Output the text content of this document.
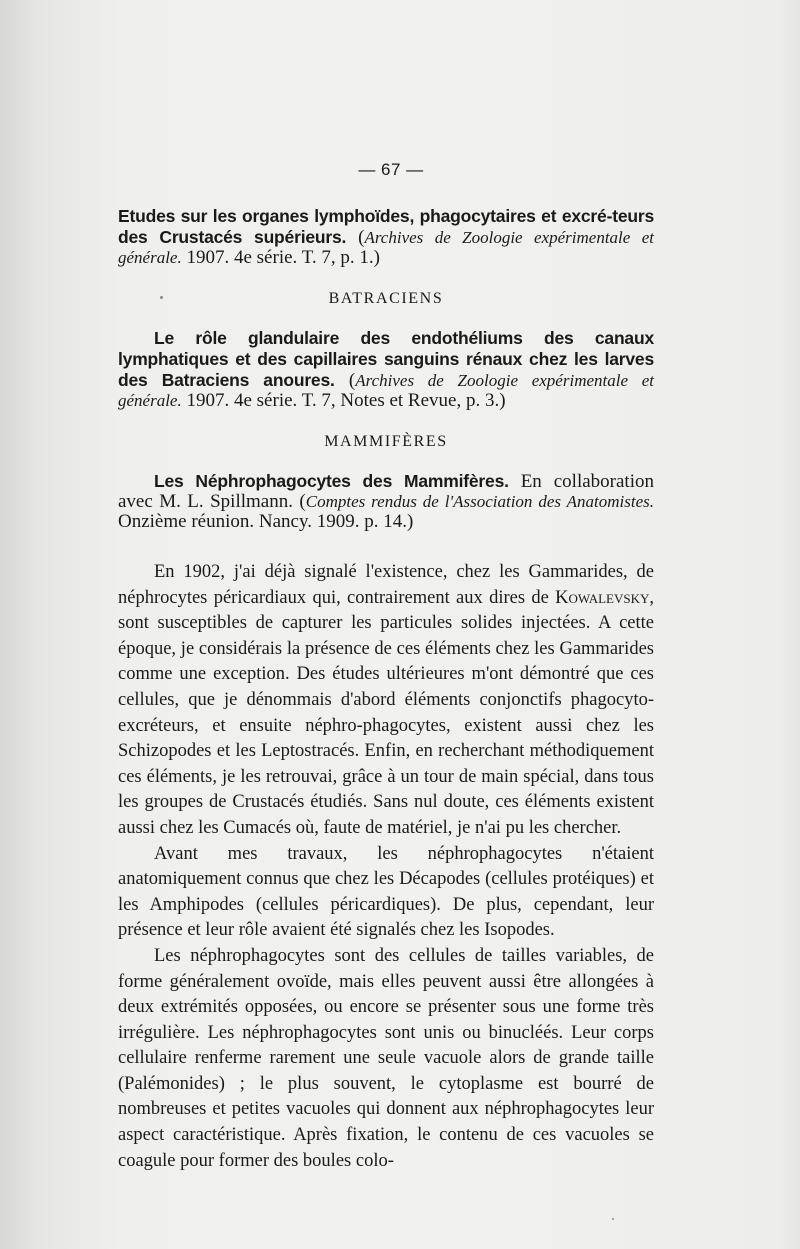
— 67 —

Etudes sur les organes lymphoïdes, phagocytaires et excré-teurs des Crustacés supérieurs. (Archives de Zoologie expérimentale et générale. 1907. 4e série. T. 7, p. 1.)

BATRACIENS

Le rôle glandulaire des endothéliums des canaux lymphatiques et des capillaires sanguins rénaux chez les larves des Batraciens anoures. (Archives de Zoologie expérimentale et générale. 1907. 4e série. T. 7, Notes et Revue, p. 3.)

MAMMIFÈRES

Les Néphrophagocytes des Mammifères. En collaboration avec M. L. Spillmann. (Comptes rendus de l'Association des Anatomistes. Onzième réunion. Nancy. 1909. p. 14.)

En 1902, j'ai déjà signalé l'existence, chez les Gammarides, de néphrocytes péricardiaux qui, contrairement aux dires de Kowalevsky, sont susceptibles de capturer les particules solides injectées. A cette époque, je considérais la présence de ces éléments chez les Gammarides comme une exception. Des études ultérieures m'ont démontré que ces cellules, que je dénommais d'abord éléments conjonctifs phagocyto-excréteurs, et ensuite néphro-phagocytes, existent aussi chez les Schizopodes et les Leptostracés. Enfin, en recherchant méthodiquement ces éléments, je les retrouvai, grâce à un tour de main spécial, dans tous les groupes de Crustacés étudiés. Sans nul doute, ces éléments existent aussi chez les Cumacés où, faute de matériel, je n'ai pu les chercher.

Avant mes travaux, les néphrophagocytes n'étaient anatomiquement connus que chez les Décapodes (cellules protéiques) et les Amphipodes (cellules péricardiques). De plus, cependant, leur présence et leur rôle avaient été signalés chez les Isopodes.

Les néphrophagocytes sont des cellules de tailles variables, de forme généralement ovoïde, mais elles peuvent aussi être allongées à deux extrémités opposées, ou encore se présenter sous une forme très irrégulière. Les néphrophagocytes sont unis ou binucléés. Leur corps cellulaire renferme rarement une seule vacuole alors de grande taille (Palémonides) ; le plus souvent, le cytoplasme est bourré de nombreuses et petites vacuoles qui donnent aux néphrophagocytes leur aspect caractéristique. Après fixation, le contenu de ces vacuoles se coagule pour former des boules colo-
